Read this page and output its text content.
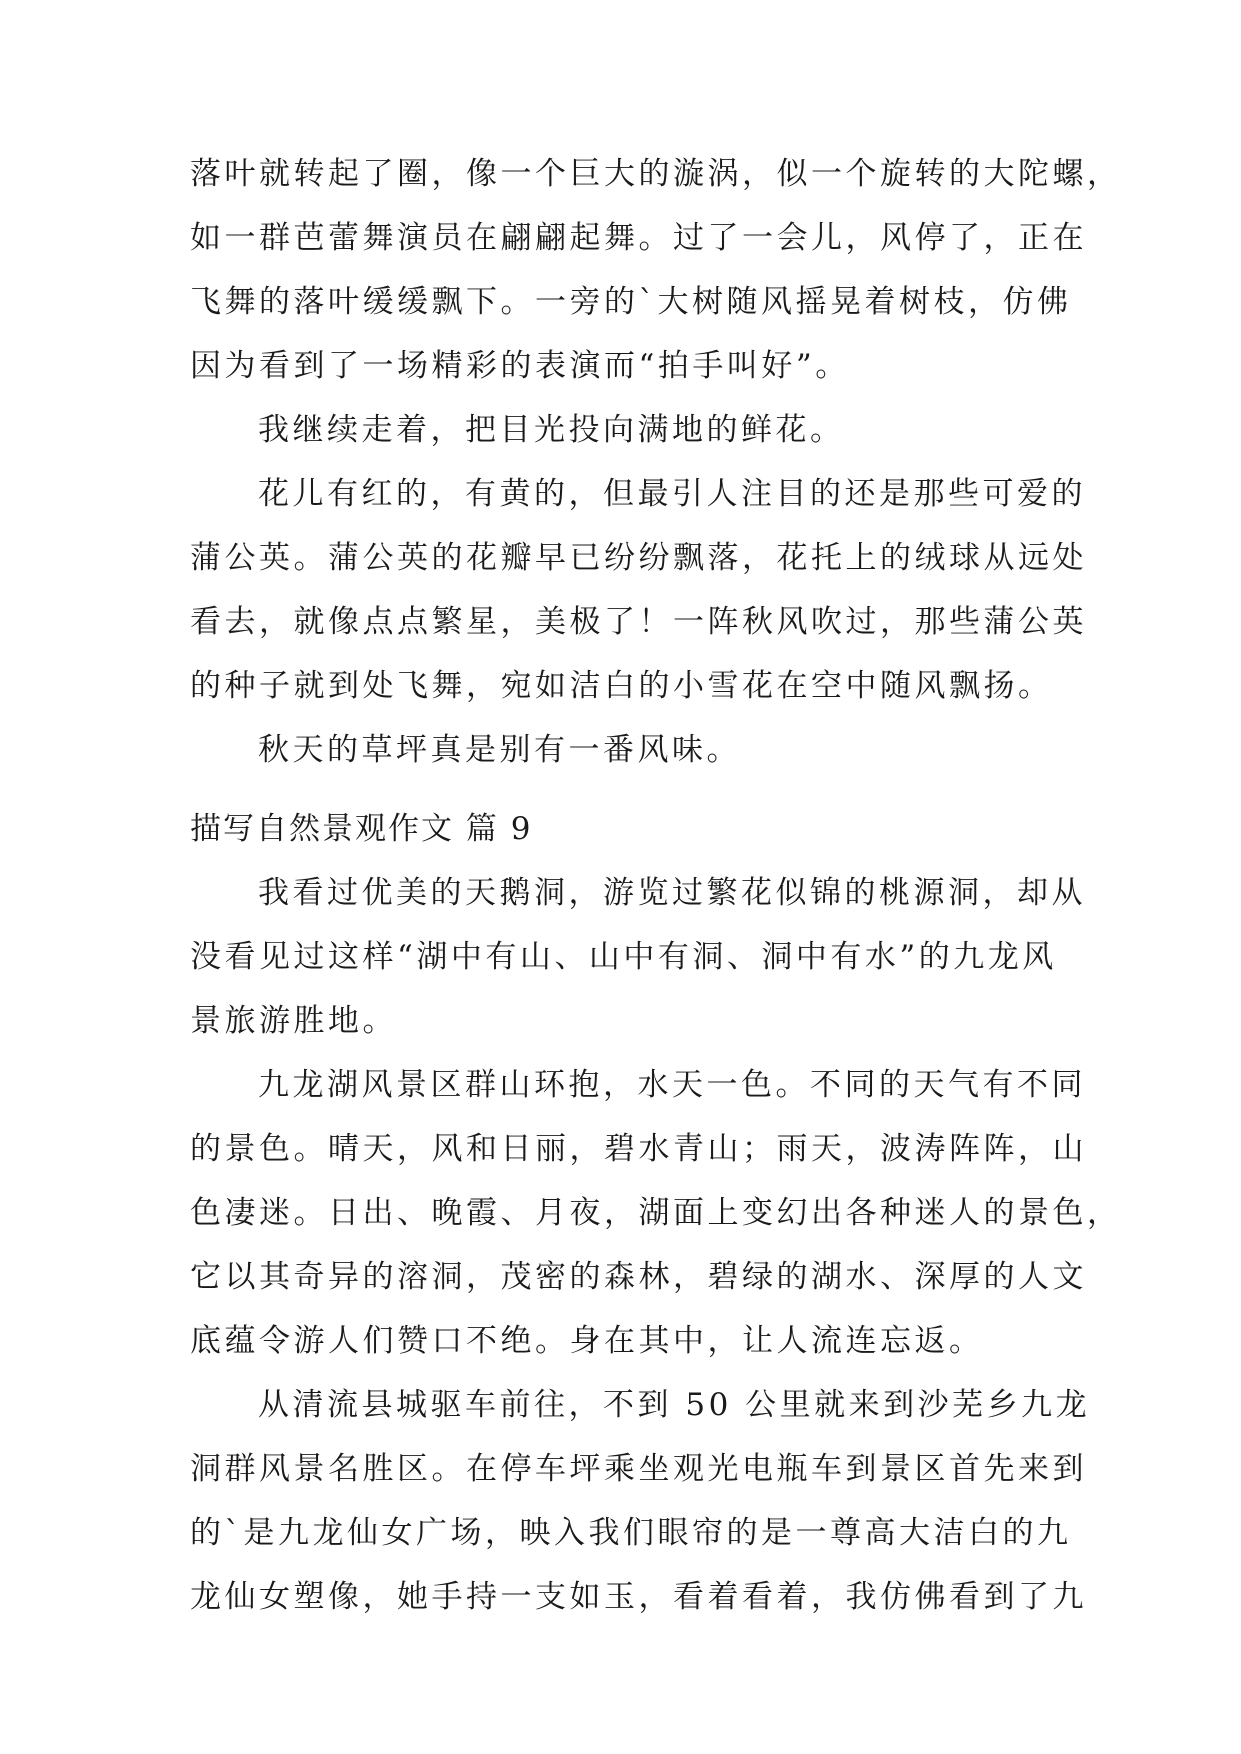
落叶就转起了圈，像一个巨大的漩涡，似一个旋转的大陀螺，
如一群芭蕾舞演员在翩翩起舞。过了一会儿，风停了，正在
飞舞的落叶缓缓飘下。一旁的`大树随风摇晃着树枝，仿佛
因为看到了一场精彩的表演而“拍手叫好”。
我继续走着，把目光投向满地的鲜花。
花儿有红的，有黄的，但最引人注目的还是那些可爱的
蒲公英。蒲公英的花瓣早已纷纷飘落，花托上的绒球从远处
看去，就像点点繁星，美极了！一阵秋风吹过，那些蒲公英
的种子就到处飞舞，宛如洁白的小雪花在空中随风飘扬。
秋天的草坪真是别有一番风味。
描写自然景观作文 篇 9
我看过优美的天鹅洞，游览过繁花似锦的桃源洞，却从
没看见过这样“湖中有山、山中有洞、洞中有水”的九龙风
景旅游胜地。
九龙湖风景区群山环抱，水天一色。不同的天气有不同
的景色。晴天，风和日丽，碧水青山；雨天，波涛阵阵，山
色凄迷。日出、晚霞、月夜，湖面上变幻出各种迷人的景色，
它以其奇异的溶洞，茂密的森林，碧绿的湖水、深厚的人文
底蕴令游人们赞口不绝。身在其中，让人流连忘返。
从清流县城驱车前往，不到 50 公里就来到沙芜乡九龙
洞群风景名胜区。在停车坪乘坐观光电瓶车到景区首先来到
的`是九龙仙女广场，映入我们眼帘的是一尊高大洁白的九
龙仙女塑像，她手持一支如玉，看着看着，我仿佛看到了九
